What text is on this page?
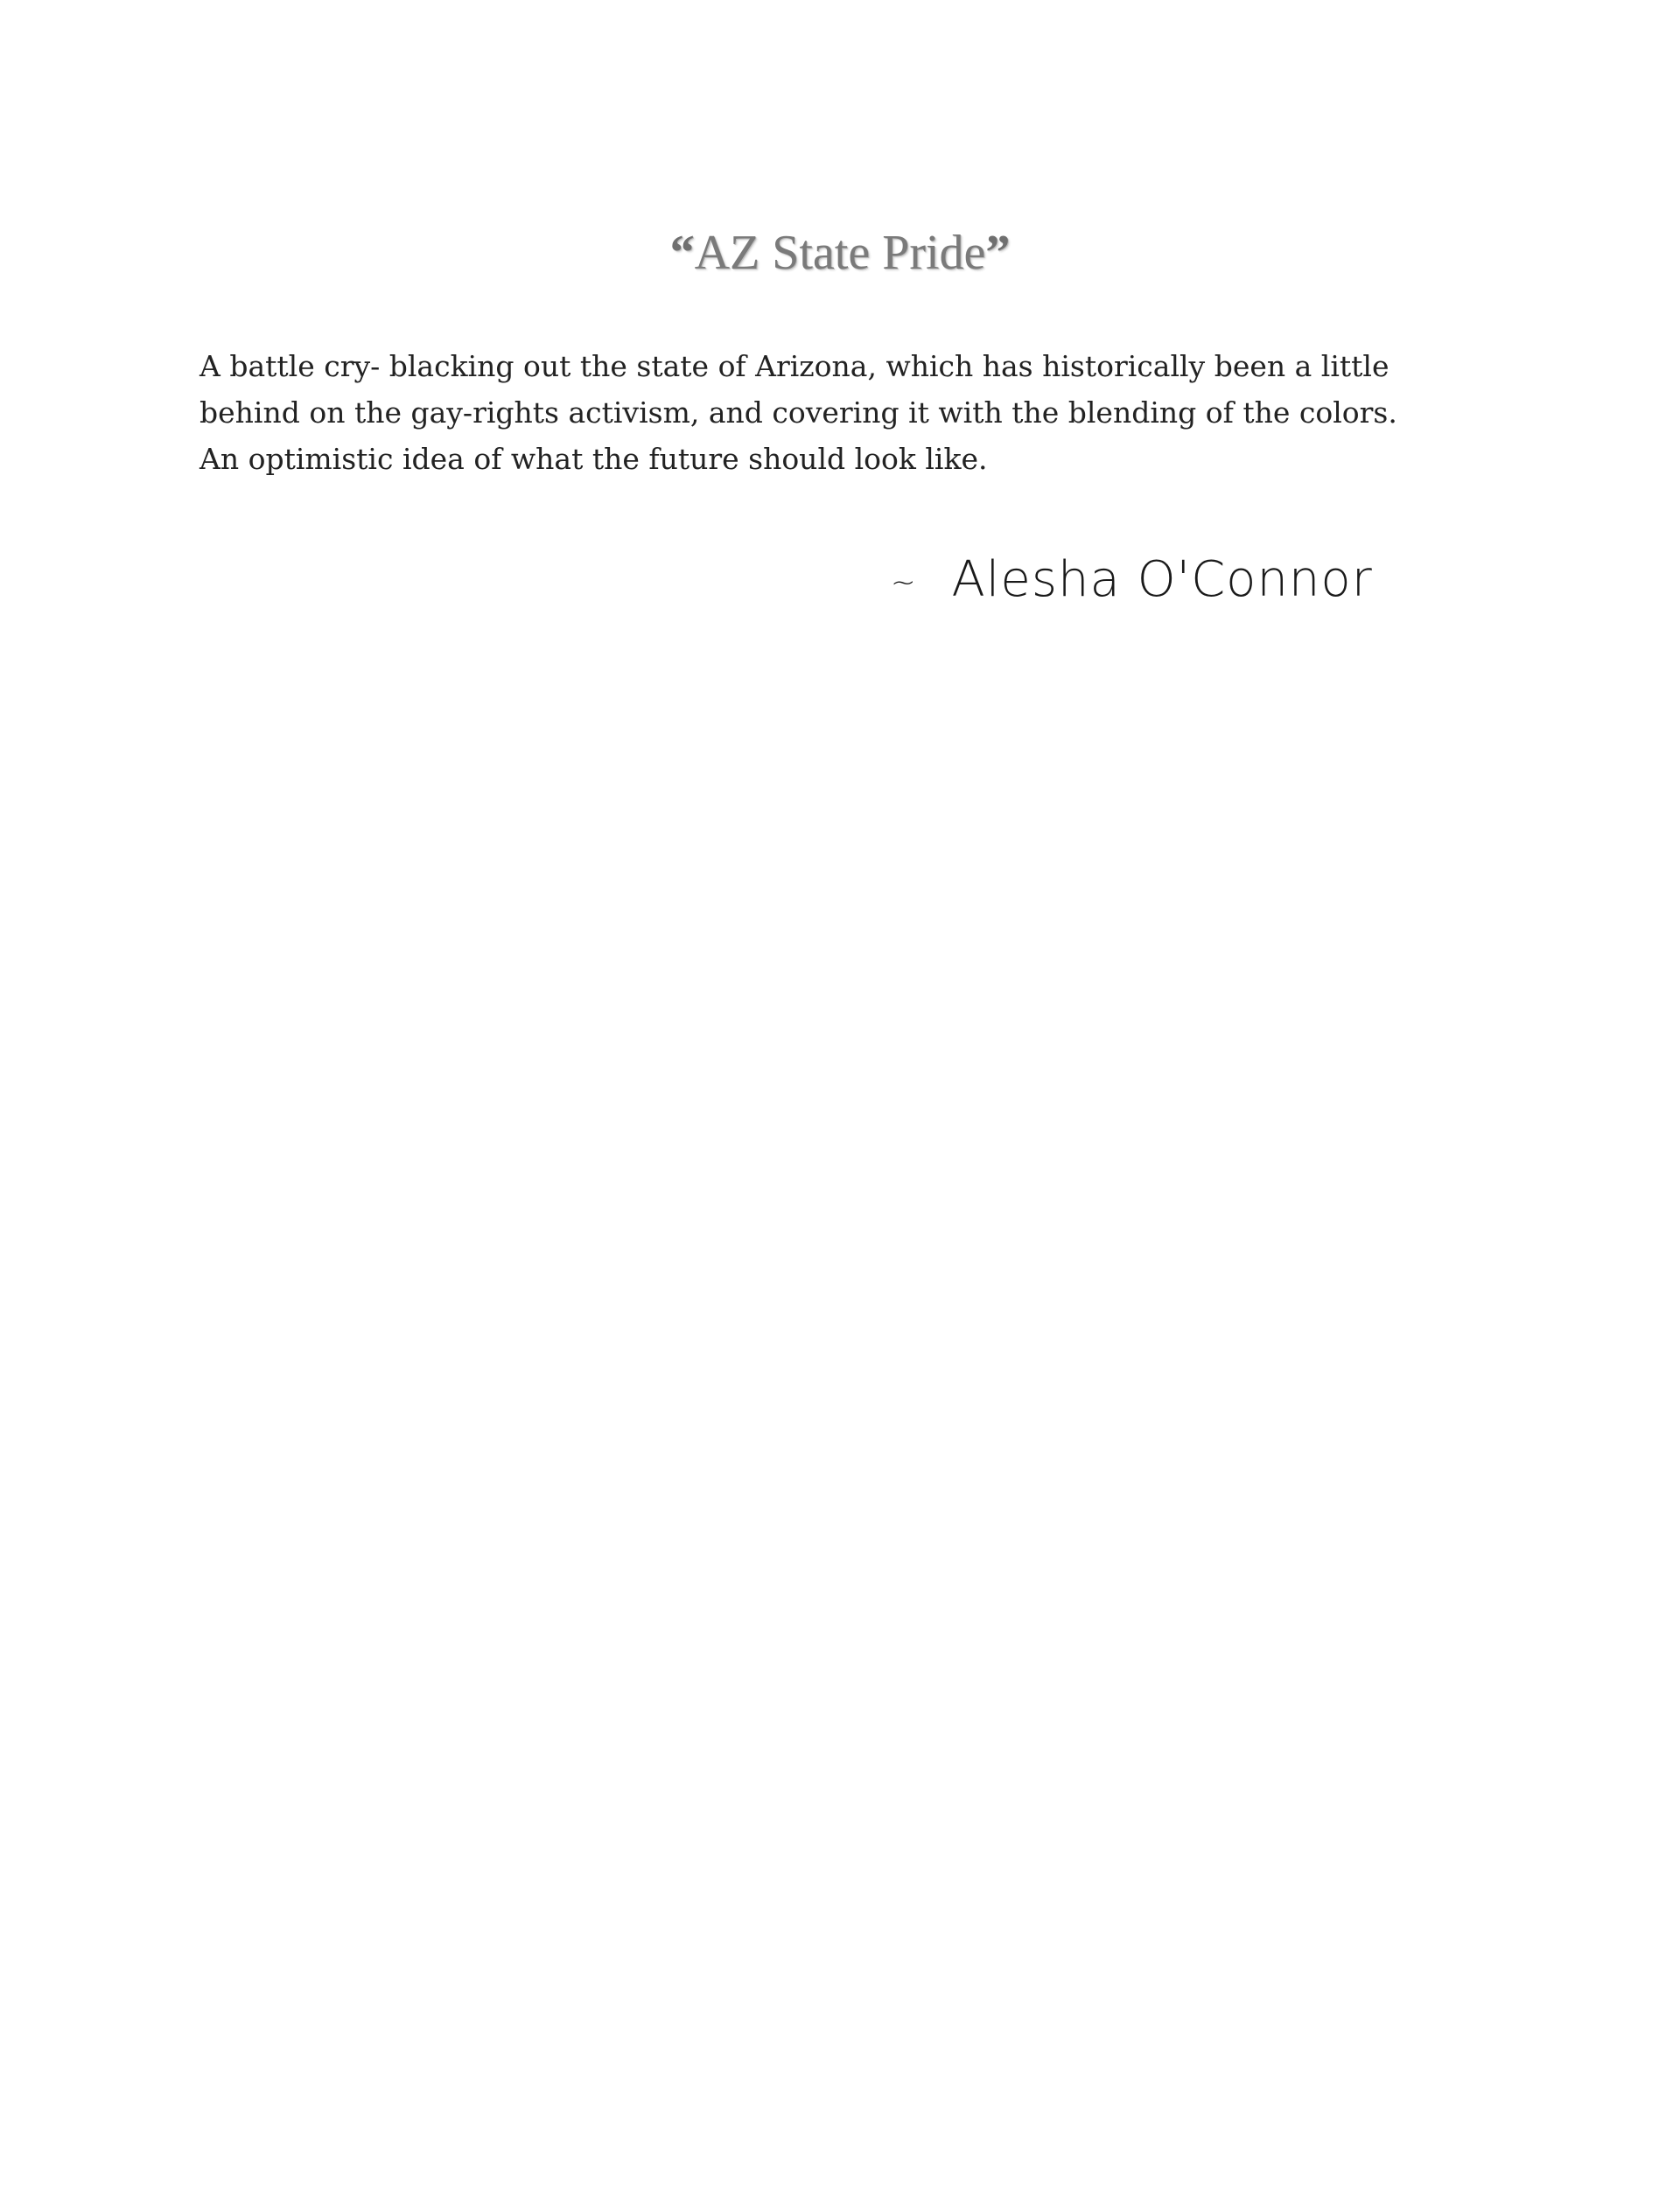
“AZ State Pride”
A battle cry- blacking out the state of Arizona, which has historically been a little
behind on the gay-rights activism, and covering it with the blending of the colors.
An optimistic idea of what the future should look like.
~ Alesha O'Connor
